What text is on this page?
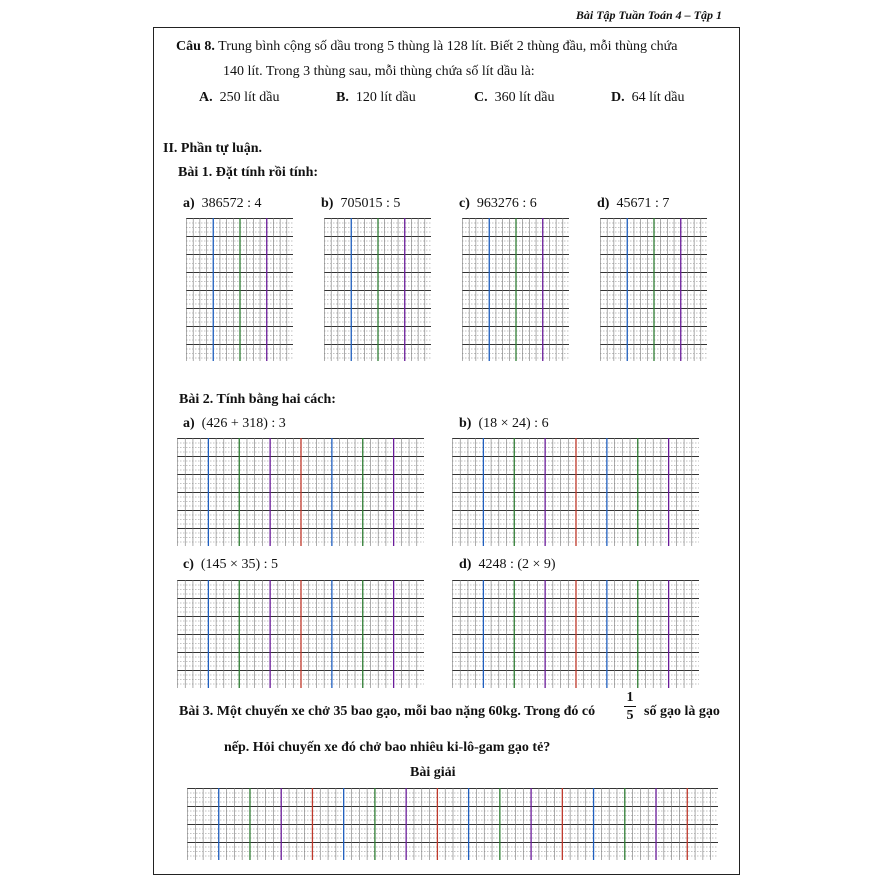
Bài Tập Tuần Toán 4 – Tập 1
Câu 8. Trung bình cộng số dầu trong 5 thùng là 128 lít. Biết 2 thùng đầu, mỗi thùng chứa
140 lít. Trong 3 thùng sau, mỗi thùng chứa số lít dầu là:
A. 250 lít dầu	B. 120 lít dầu	C. 360 lít dầu	D. 64 lít dầu
II. Phần tự luận.
Bài 1. Đặt tính rồi tính:
a) 386572 : 4	b) 705015 : 5	c) 963276 : 6	d) 45671 : 7
Bài 2. Tính bằng hai cách:
a) (426 + 318) : 3	b) (18 × 24) : 6
c) (145 × 35) : 5	d) 4248 : (2 × 9)
Bài 3. Một chuyến xe chở 35 bao gạo, mỗi bao nặng 60kg. Trong đó có
1
5 số gạo là gạo
nếp. Hỏi chuyến xe đó chở bao nhiêu ki-lô-gam gạo tẻ?
Bài giải
